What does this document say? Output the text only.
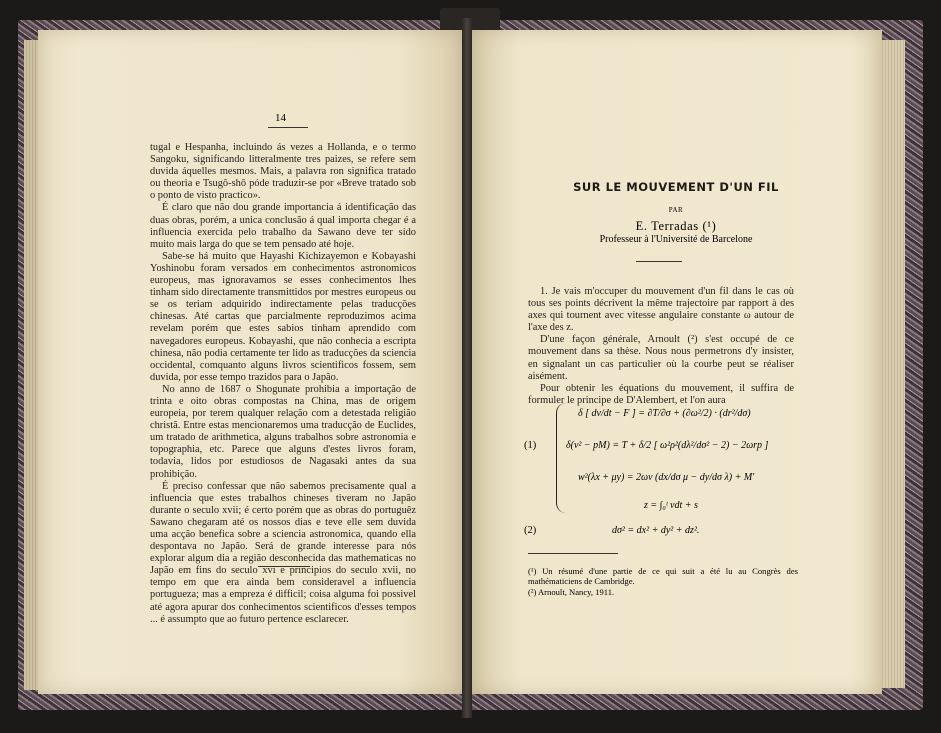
14

tugal e Hespanha, incluindo ás vezes a Hollanda, e o termo Sangoku, significando litteralmente tres paizes, se refere sem duvida áquelles mesmos. Mais, a palavra ron significa tratado ou theoria e Tsugō-shō póde traduzir-se por «Breve tratado sob o ponto de visto practico».

É claro que não dou grande importancia á identificação das duas obras, porém, a unica conclusão á qual importa chegar é a influencia exercida pelo trabalho da Sawano deve ter sido muito mais larga do que se tem pensado até hoje.

Sabe-se há muito que Hayashi Kichizayemon e Kobayashi Yoshinobu foram versados em conhecimentos astronomicos europeus, mas ignoravamos se esses conhecimentos lhes tinham sido directamente transmittidos por mestres europeus ou se os teriam adquirido indirectamente pelas traducções chinesas. Até cartas que parcialmente reproduzimos acima revelam porém que estes sabios tinham aprendido com navegadores europeus. Kobayashi, que não conhecia a escripta chinesa, não podia certamente ter lido as traducções da sciencia occidental, comquanto alguns livros scientificos fossem, sem duvida, por esse tempo trazidos para o Japão.

No anno de 1687 o Shogunate prohibia a importação de trinta e oito obras compostas na China, mas de origem europeia, por terem qualquer relação com a detestada religião christã. Entre estas mencionaremos uma traducção de Euclides, um tratado de arithmetica, alguns trabalhos sobre astronomia e topographia, etc. Parece que alguns d'estes livros foram, todavia, lidos por estudiosos de Nagasaki antes da sua prohibição.

É preciso confessar que não sabemos precisamente qual a influencia que estes trabalhos chineses tiveram no Japão durante o seculo xvii; é certo porém que as obras do portuguêz Sawano chegaram até os nossos dias e teve elle sem duvida uma acção benefica sobre a sciencia astronomica, quando ella despontava no Japão. Será de grande interesse para nós explorar algum dia a região desconhecida das mathematicas no Japão em fins do seculo xvi e principios do seculo xvii, no tempo em que era ainda bem consideravel a influencia portugueza; mas a empreza é difficil; coisa alguma foi possivel até agora apurar dos conhecimentos scientificos d'esses tempos ... é assumpto que ao futuro pertence esclarecer.

SUR LE MOUVEMENT D'UN FIL
PAR
E. Terradas (¹)
Professeur à l'Université de Barcelone

1. Je vais m'occuper du mouvement d'un fil dans le cas où tous ses points décrivent la même trajectoire par rapport à des axes qui tournent avec vitesse angulaire constante ω autour de l'axe des z.

D'une façon générale, Arnoult (²) s'est occupé de ce mouvement dans sa thèse. Nous nous permetrons d'y insister, en signalant un cas particulier où la courbe peut se réaliser aisément.

Pour obtenir les équations du mouvement, il suffira de formuler le principe de D'Alembert, et l'on aura

(1)
δ [ dv/dt − F ] = ∂T/∂σ + (∂ω²/2) · (dr²/dσ)
δ(v² − pM) = T + δ/2 [ ω²ρ²(dλ²/dσ² − 2) − 2ωrp ]
w²(λx + μy) = 2ωv (dx/dσ μ − dy/dσ λ) + M'
z = ∫₀ᵗ vdt + s
(2)	dσ² = dx² + dy² + dz².

(¹) Un résumé d'une partie de ce qui suit a été lu au Congrès des mathématiciens de Cambridge.

(²) Arnoult, Nancy, 1911.
